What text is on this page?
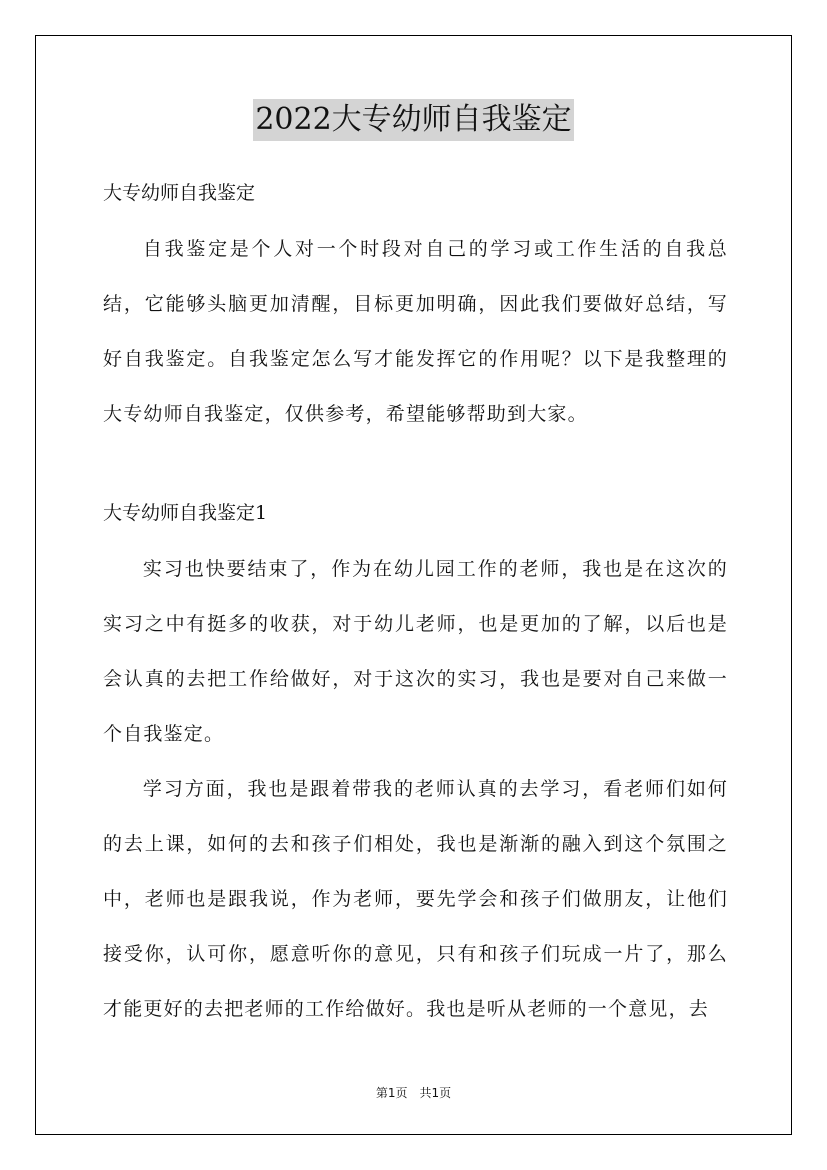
2022大专幼师自我鉴定

大专幼师自我鉴定

自我鉴定是个人对一个时段对自己的学习或工作生活的自我总结，它能够头脑更加清醒，目标更加明确，因此我们要做好总结，写好自我鉴定。自我鉴定怎么写才能发挥它的作用呢？以下是我整理的大专幼师自我鉴定，仅供参考，希望能够帮助到大家。

大专幼师自我鉴定1

实习也快要结束了，作为在幼儿园工作的老师，我也是在这次的实习之中有挺多的收获，对于幼儿老师，也是更加的了解，以后也是会认真的去把工作给做好，对于这次的实习，我也是要对自己来做一个自我鉴定。

学习方面，我也是跟着带我的老师认真的去学习，看老师们如何的去上课，如何的去和孩子们相处，我也是渐渐的融入到这个氛围之中，老师也是跟我说，作为老师，要先学会和孩子们做朋友，让他们接受你，认可你，愿意听你的意见，只有和孩子们玩成一片了，那么才能更好的去把老师的工作给做好。我也是听从老师的一个意见，去

第1页　共1页
